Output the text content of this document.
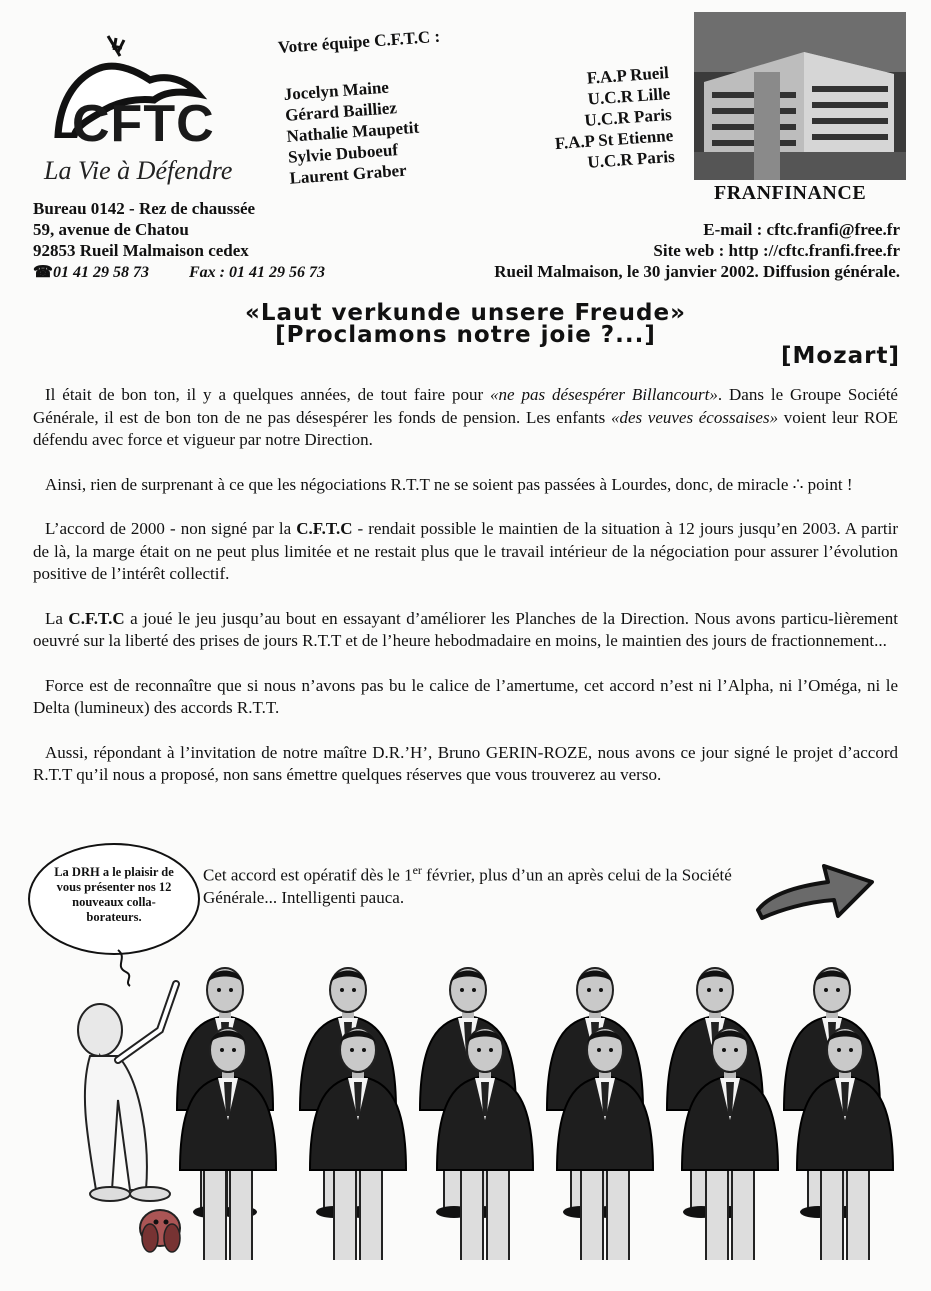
CFTC
La Vie à Défendre
Votre équipe C.F.T.C :
Jocelyn Maine
Gérard Bailliez
Nathalie Maupetit
Sylvie Duboeuf
Laurent Graber
F.A.P Rueil
U.C.R Lille
U.C.R Paris
F.A.P St Etienne
U.C.R Paris
FRANFINANCE
Bureau 0142 - Rez de chaussée
59, avenue de Chatou
92853 Rueil Malmaison cedex
☎01 41 29 58 73	Fax : 01 41 29 56 73
E-mail : cftc.franfi@free.fr
Site web : http ://cftc.franfi.free.fr
Rueil Malmaison, le 30 janvier 2002. Diffusion générale.
«Laut verkunde unsere Freude»
[Proclamons notre joie ?...]
[Mozart]

Il était de bon ton, il y a quelques années, de tout faire pour «ne pas désespérer Billancourt». Dans le Groupe Société Générale, il est de bon ton de ne pas désespérer les fonds de pension. Les enfants «des veuves écossaises» voient leur ROE défendu avec force et vigueur par notre Direction.

Ainsi, rien de surprenant à ce que les négociations R.T.T ne se soient pas passées à Lourdes, donc, de miracle ∴ point !

L’accord de 2000 - non signé par la C.F.T.C - rendait possible le maintien de la situation à 12 jours jusqu’en 2003. A partir de là, la marge était on ne peut plus limitée et ne restait plus que le travail intérieur de la négociation pour assurer l’évolution positive de l’intérêt collectif.

La C.F.T.C a joué le jeu jusqu’au bout en essayant d’améliorer les Planches de la Direction. Nous avons particu-lièrement oeuvré sur la liberté des prises de jours R.T.T et de l’heure hebodmadaire en moins, le maintien des jours de fractionnement...

Force est de reconnaître que si nous n’avons pas bu le calice de l’amertume, cet accord n’est ni l’Alpha, ni l’Oméga, ni le Delta (lumineux) des accords R.T.T.

Aussi, répondant à l’invitation de notre maître D.R.’H’, Bruno GERIN-ROZE, nous avons ce jour signé le projet d’accord R.T.T qu’il nous a proposé, non sans émettre quelques réserves que vous trouverez au verso.

Cet accord est opératif dès le 1er février, plus d’un an après celui de la Société Générale... Intelligenti pauca.
La DRH a le plaisir de vous présenter nos 12 nouveaux colla-borateurs.
